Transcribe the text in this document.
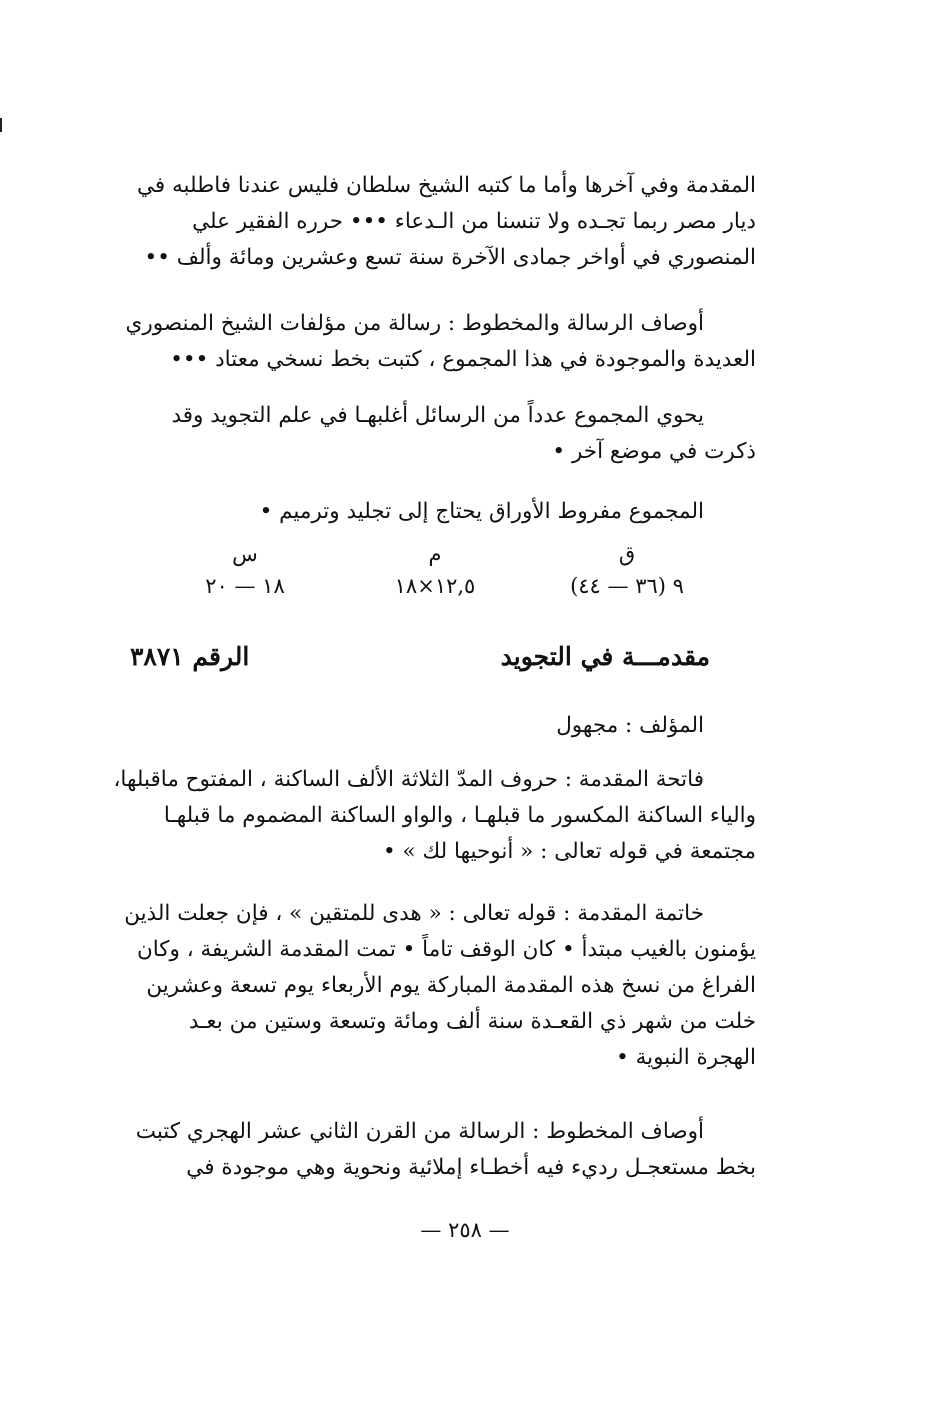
المقدمة وفي آخرها وأما ما كتبه الشيخ سلطان فليس عندنا فاطلبه في
ديار مصر ربما تجـده ولا تنسنا من الـدعاء ••• حرره الفقير علي
المنصوري في أواخر جمادى الآخرة سنة تسع وعشرين ومائة وألف ••
أوصاف الرسالة والمخطوط : رسالة من مؤلفات الشيخ المنصوري
العديدة والموجودة في هذا المجموع ، كتبت بخط نسخي معتاد •••
يحوي المجموع عدداً من الرسائل أغلبهـا في علم التجويد وقد
ذكرت في موضع آخر •
المجموع مفروط الأوراق يحتاج إلى تجليد وترميم •
ق
٩ (٣٦ — ٤٤)
م
١٢,٥×١٨
س
١٨ — ٢٠
مقدمـــة في التجويد
الرقم ٣٨٧١
المؤلف : مجهول
فاتحة المقدمة : حروف المدّ الثلاثة الألف الساكنة ، المفتوح ماقبلها،
والياء الساكنة المكسور ما قبلهـا ، والواو الساكنة المضموم ما قبلهـا
مجتمعة في قوله تعالى : « أنوحيها لك » •
خاتمة المقدمة : قوله تعالى : « هدى للمتقين » ، فإن جعلت الذين
يؤمنون بالغيب مبتدأ • كان الوقف تاماً • تمت المقدمة الشريفة ، وكان
الفراغ من نسخ هذه المقدمة المباركة يوم الأربعاء يوم تسعة وعشرين
خلت من شهر ذي القعـدة سنة ألف ومائة وتسعة وستين من بعـد
الهجرة النبوية •
أوصاف المخطوط : الرسالة من القرن الثاني عشر الهجري كتبت
بخط مستعجـل رديء فيه أخطـاء إملائية ونحوية وهي موجودة في
— ٢٥٨ —
